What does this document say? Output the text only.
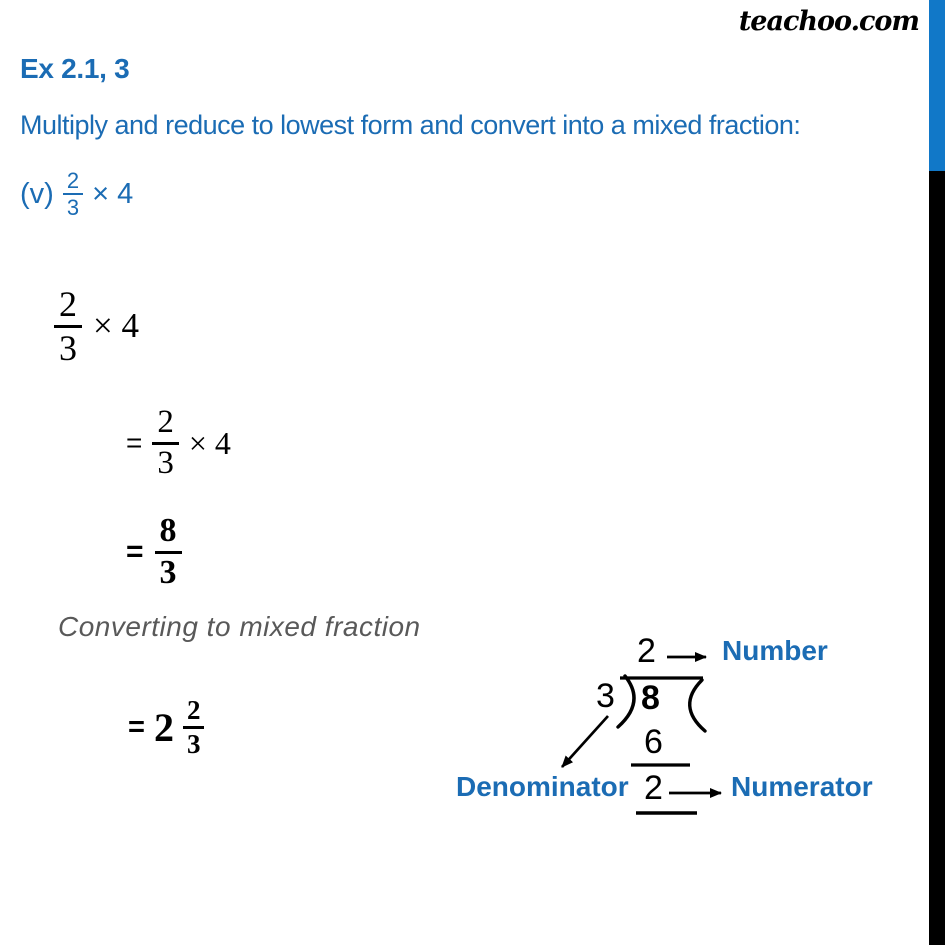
teachoo.com
Ex 2.1, 3
Multiply and reduce to lowest form and convert into a mixed fraction:
$(v) \frac{2}{3} \times 4$
$\frac{2}{3} \times 4$
= $\frac{2}{3} \times 4$
= $\frac{8}{3}$
Converting to mixed fraction
= $2 \frac{2}{3}$
2
3 8
6
2
Number
Denominator	Numerator
